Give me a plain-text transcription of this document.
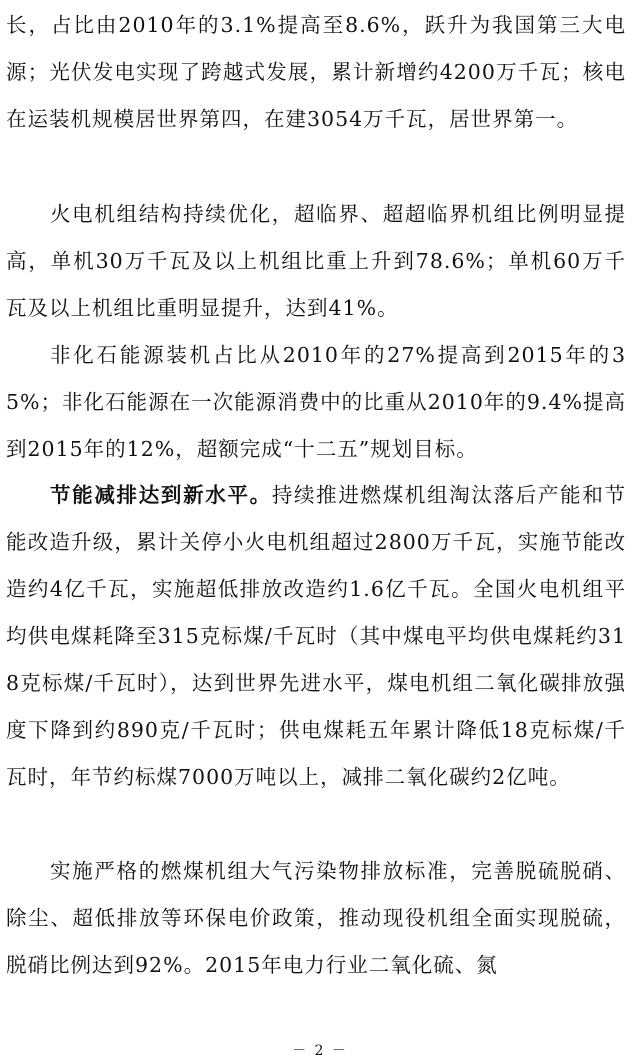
长，占比由2010年的3.1%提高至8.6%，跃升为我国第三大电源；光伏发电实现了跨越式发展，累计新增约4200万千瓦；核电在运装机规模居世界第四，在建3054万千瓦，居世界第一。

火电机组结构持续优化，超临界、超超临界机组比例明显提高，单机30万千瓦及以上机组比重上升到78.6%；单机60万千瓦及以上机组比重明显提升，达到41%。

非化石能源装机占比从2010年的27%提高到2015年的35%；非化石能源在一次能源消费中的比重从2010年的9.4%提高到2015年的12%，超额完成“十二五”规划目标。

节能减排达到新水平。持续推进燃煤机组淘汰落后产能和节能改造升级，累计关停小火电机组超过2800万千瓦，实施节能改造约4亿千瓦，实施超低排放改造约1.6亿千瓦。全国火电机组平均供电煤耗降至315克标煤/千瓦时（其中煤电平均供电煤耗约318克标煤/千瓦时），达到世界先进水平，煤电机组二氧化碳排放强度下降到约890克/千瓦时；供电煤耗五年累计降低18克标煤/千瓦时，年节约标煤7000万吨以上，减排二氧化碳约2亿吨。

实施严格的燃煤机组大气污染物排放标准，完善脱硫脱硝、除尘、超低排放等环保电价政策，推动现役机组全面实现脱硫，脱硝比例达到92%。2015年电力行业二氧化硫、氮

－ 2 －
